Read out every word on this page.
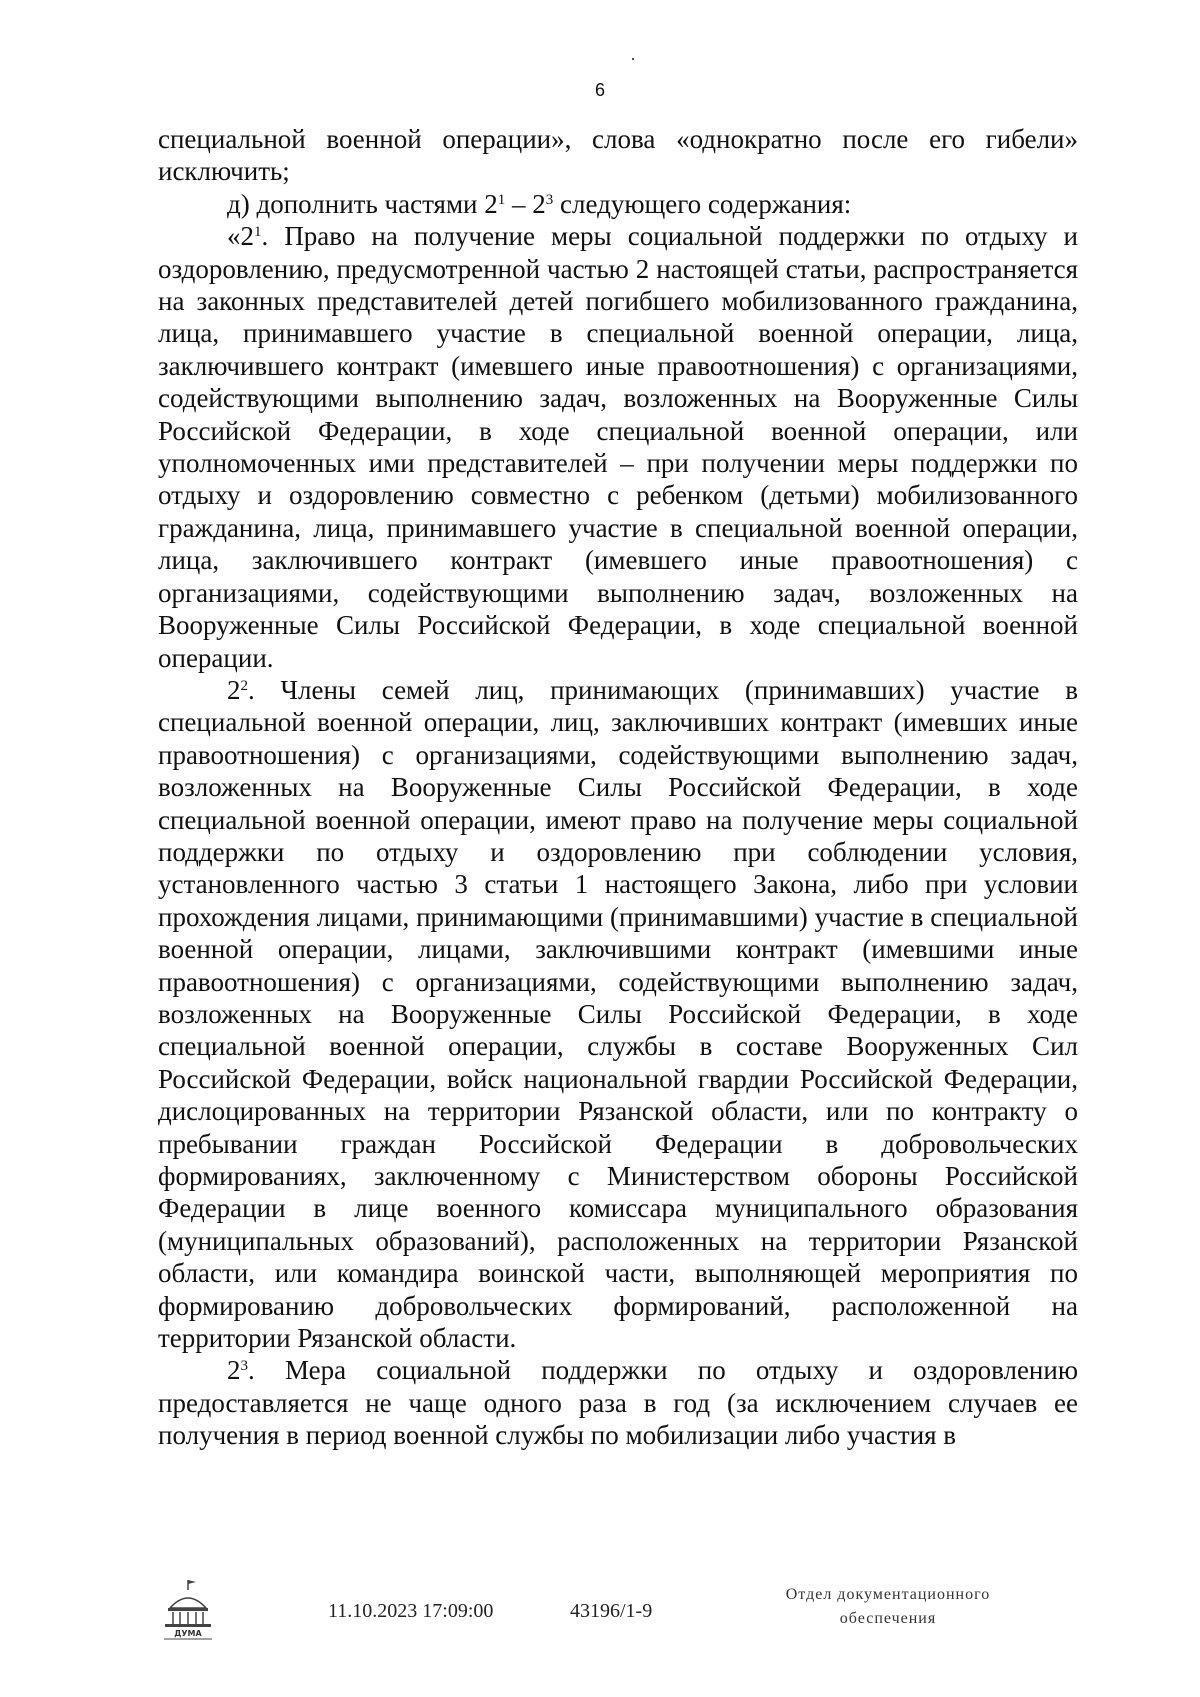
6

специальной военной операции», слова «однократно после его гибели» исключить;

д) дополнить частями $2^1 - 2^3$ следующего содержания:

«$2^1$. Право на получение меры социальной поддержки по отдыху и оздоровлению, предусмотренной частью 2 настоящей статьи, распространяется на законных представителей детей погибшего мобилизованного гражданина, лица, принимавшего участие в специальной военной операции, лица, заключившего контракт (имевшего иные правоотношения) с организациями, содействующими выполнению задач, возложенных на Вооруженные Силы Российской Федерации, в ходе специальной военной операции, или уполномоченных ими представителей – при получении меры поддержки по отдыху и оздоровлению совместно с ребенком (детьми) мобилизованного гражданина, лица, принимавшего участие в специальной военной операции, лица, заключившего контракт (имевшего иные правоотношения) с организациями, содействующими выполнению задач, возложенных на Вооруженные Силы Российской Федерации, в ходе специальной военной операции.

$2^2$. Члены семей лиц, принимающих (принимавших) участие в специальной военной операции, лиц, заключивших контракт (имевших иные правоотношения) с организациями, содействующими выполнению задач, возложенных на Вооруженные Силы Российской Федерации, в ходе специальной военной операции, имеют право на получение меры социальной поддержки по отдыху и оздоровлению при соблюдении условия, установленного частью 3 статьи 1 настоящего Закона, либо при условии прохождения лицами, принимающими (принимавшими) участие в специальной военной операции, лицами, заключившими контракт (имевшими иные правоотношения) с организациями, содействующими выполнению задач, возложенных на Вооруженные Силы Российской Федерации, в ходе специальной военной операции, службы в составе Вооруженных Сил Российской Федерации, войск национальной гвардии Российской Федерации, дислоцированных на территории Рязанской области, или по контракту о пребывании граждан Российской Федерации в добровольческих формированиях, заключенному с Министерством обороны Российской Федерации в лице военного комиссара муниципального образования (муниципальных образований), расположенных на территории Рязанской области, или командира воинской части, выполняющей мероприятия по формированию добровольческих формирований, расположенной на территории Рязанской области.

$2^3$. Мера социальной поддержки по отдыху и оздоровлению предоставляется не чаще одного раза в год (за исключением случаев ее получения в период военной службы по мобилизации либо участия в

ДУМА
11.10.2023 17:09:00	43196/1-9
Отдел документационного
обеспечения
